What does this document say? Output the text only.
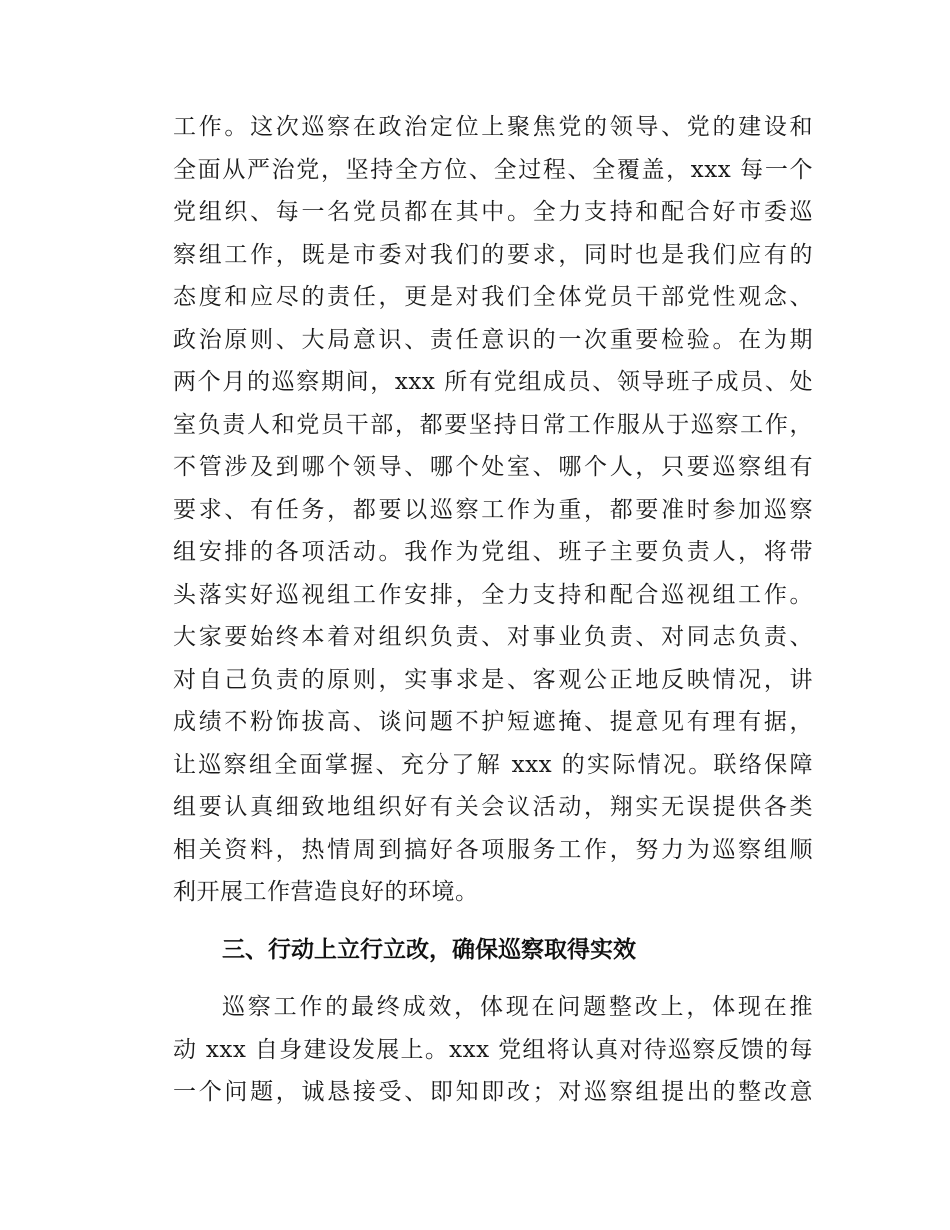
工作。这次巡察在政治定位上聚焦党的领导、党的建设和
全面从严治党，坚持全方位、全过程、全覆盖，xxx 每一个
党组织、每一名党员都在其中。全力支持和配合好市委巡
察组工作，既是市委对我们的要求，同时也是我们应有的
态度和应尽的责任，更是对我们全体党员干部党性观念、
政治原则、大局意识、责任意识的一次重要检验。在为期
两个月的巡察期间，xxx 所有党组成员、领导班子成员、处
室负责人和党员干部，都要坚持日常工作服从于巡察工作，
不管涉及到哪个领导、哪个处室、哪个人，只要巡察组有
要求、有任务，都要以巡察工作为重，都要准时参加巡察
组安排的各项活动。我作为党组、班子主要负责人，将带
头落实好巡视组工作安排，全力支持和配合巡视组工作。
大家要始终本着对组织负责、对事业负责、对同志负责、
对自己负责的原则，实事求是、客观公正地反映情况，讲
成绩不粉饰拔高、谈问题不护短遮掩、提意见有理有据，
让巡察组全面掌握、充分了解 xxx 的实际情况。联络保障
组要认真细致地组织好有关会议活动，翔实无误提供各类
相关资料，热情周到搞好各项服务工作，努力为巡察组顺
利开展工作营造良好的环境。
三、行动上立行立改，确保巡察取得实效
巡察工作的最终成效，体现在问题整改上，体现在推
动 xxx 自身建设发展上。xxx 党组将认真对待巡察反馈的每
一个问题，诚恳接受、即知即改；对巡察组提出的整改意
